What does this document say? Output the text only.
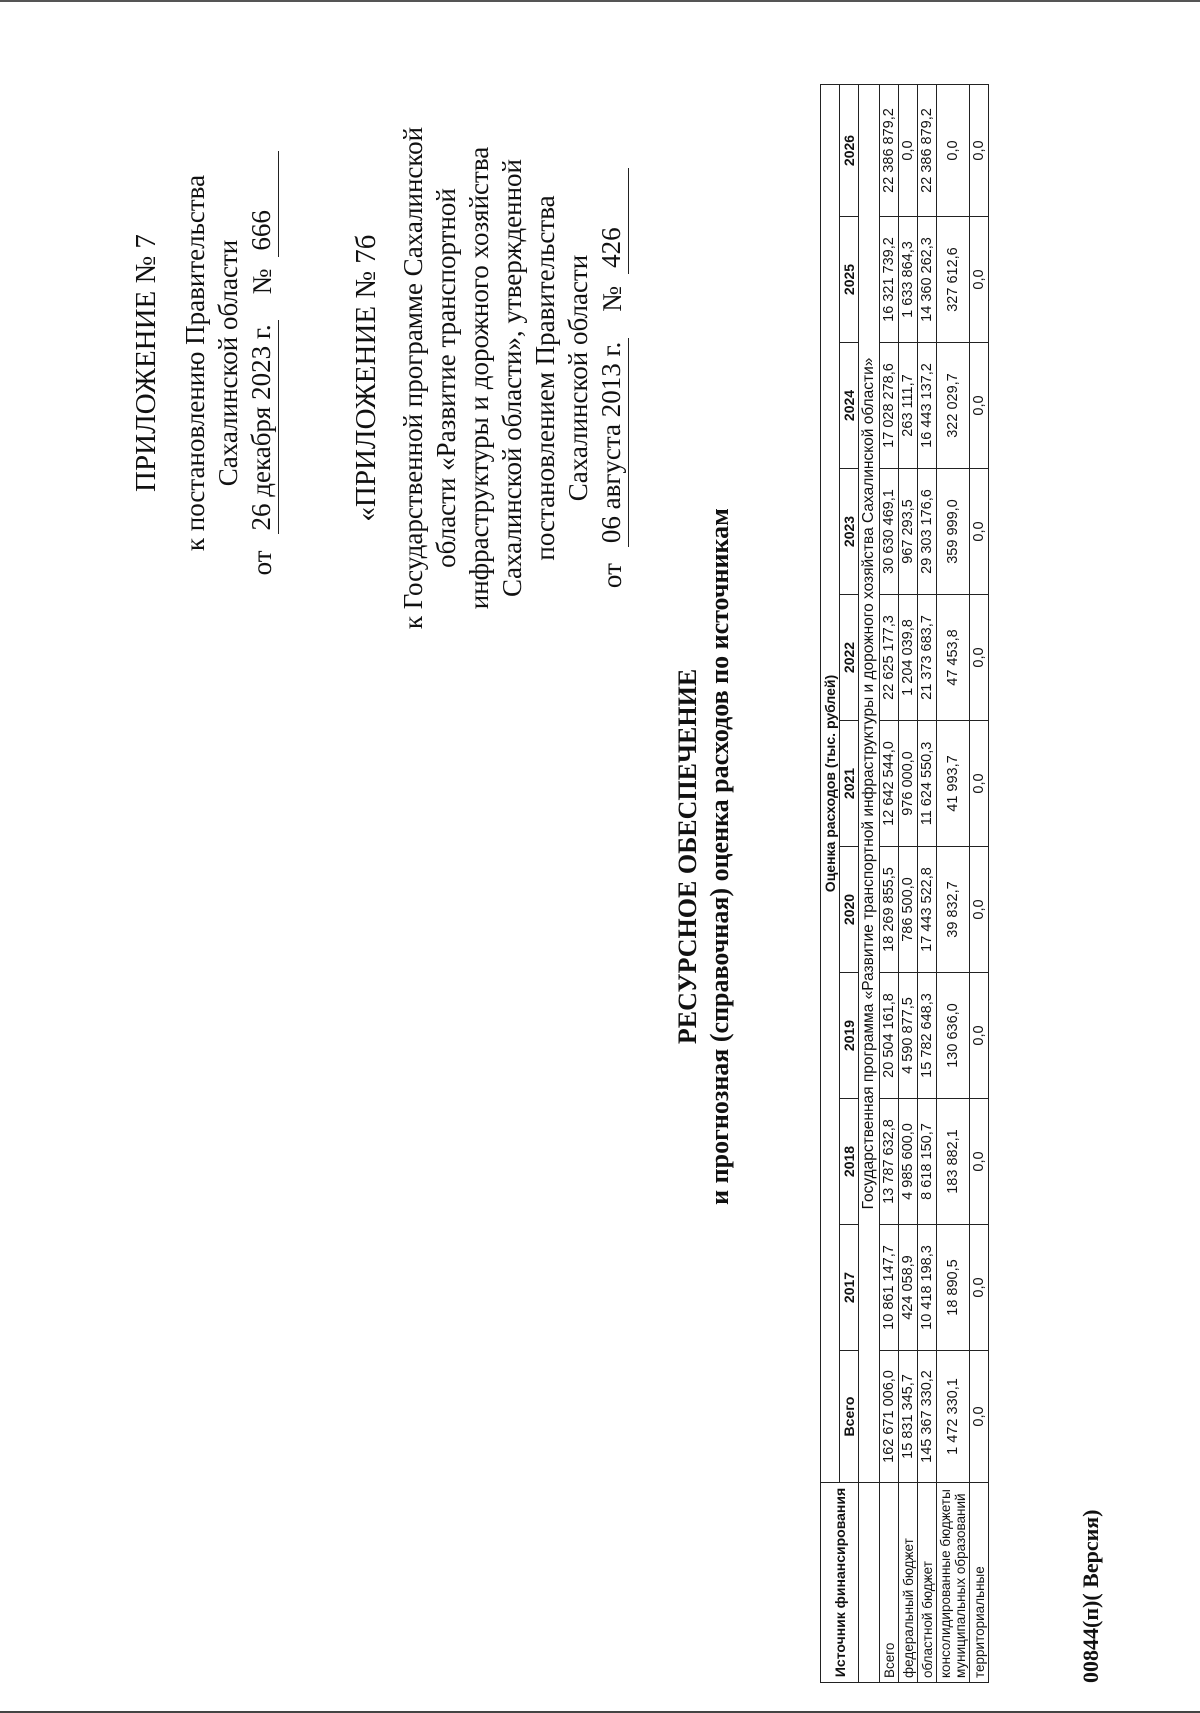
ПРИЛОЖЕНИЕ № 7 к постановлению Правительства Сахалинской области
от
26 декабря 2023 г.
№
666
«ПРИЛОЖЕНИЕ № 7б к Государственной программе Сахалинской области «Развитие транспортной инфраструктуры и дорожного хозяйства Сахалинской области», утвержденной постановлением Правительства Сахалинской области
от
06 августа 2013 г.
№
426
РЕСУРСНОЕ ОБЕСПЕЧЕНИЕ и прогнозная (справочная) оценка расходов по источникам
Источник финансирования	Оценка расходов (тыс. рублей)										
	Всего	2017	2018	2019	2020	2021	2022	2023	2024	2025	2026
	Государственная программа «Развитие транспортной инфраструктуры и дорожного хозяйства Сахалинской области»										
Всего	162 671 006,0	10 861 147,7	13 787 632,8	20 504 161,8	18 269 855,5	12 642 544,0	22 625 177,3	30 630 469,1	17 028 278,6	16 321 739,2	22 386 879,2
федеральный бюджет	15 831 345,7	424 058,9	4 985 600,0	4 590 877,5	786 500,0	976 000,0	1 204 039,8	967 293,5	263 111,7	1 633 864,3	0,0
областной бюджет	145 367 330,2	10 418 198,3	8 618 150,7	15 782 648,3	17 443 522,8	11 624 550,3	21 373 683,7	29 303 176,6	16 443 137,2	14 360 262,3	22 386 879,2
консолидированные бюджеты муниципальных образований	1 472 330,1	18 890,5	183 882,1	130 636,0	39 832,7	41 993,7	47 453,8	359 999,0	322 029,7	327 612,6	0,0
территориальные	0,0	0,0	0,0	0,0	0,0	0,0	0,0	0,0	0,0	0,0	0,0
00844(п)( Версия)
